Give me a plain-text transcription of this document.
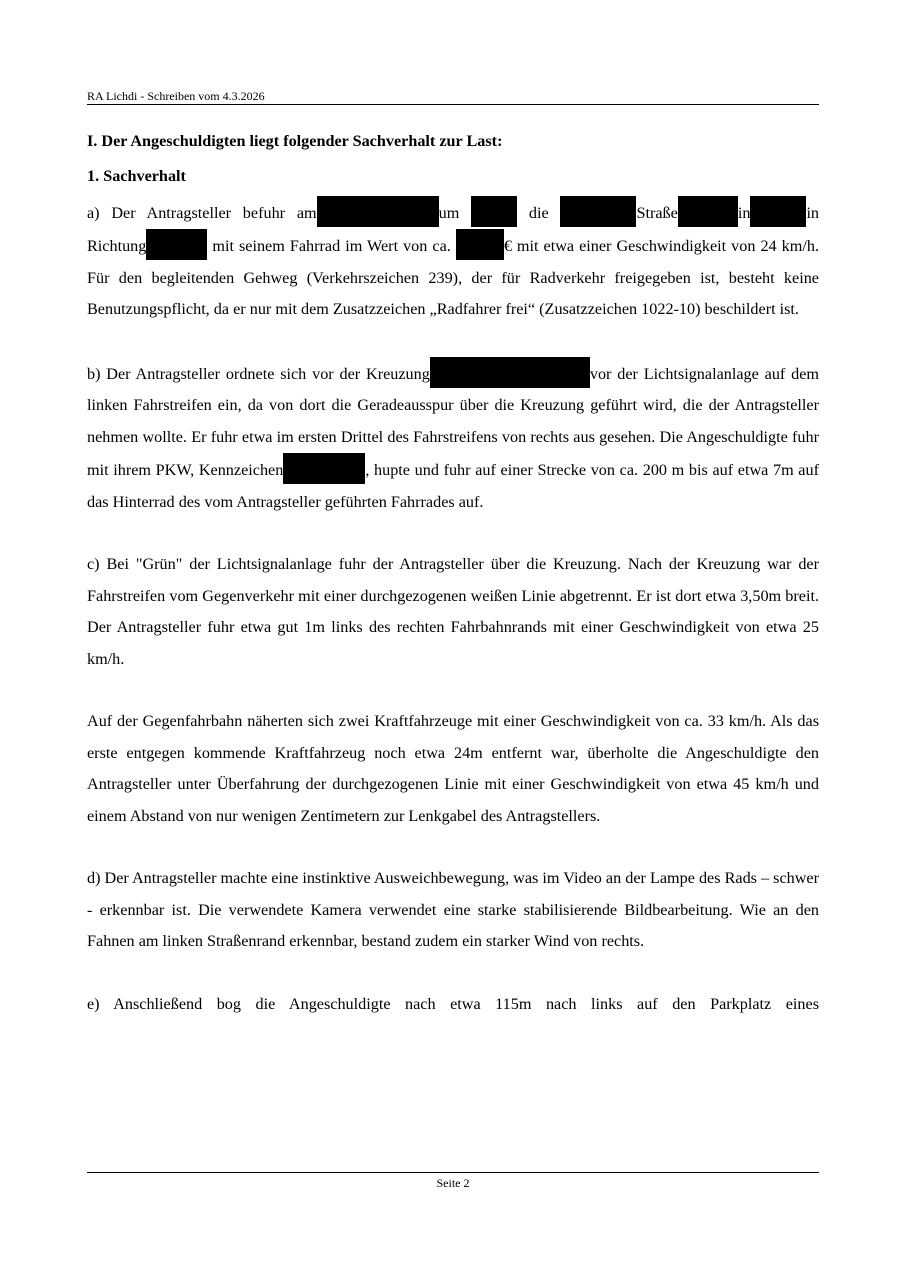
RA Lichdi - Schreiben vom 4.3.2026

I. Der Angeschuldigten liegt folgender Sachverhalt zur Last:

1. Sachverhalt

a) Der Antragsteller befuhr am	um	die	Straße	in	in Richtung	mit seinem Fahrrad im Wert von ca.	€ mit etwa einer Geschwindigkeit von 24 km/h. Für den begleitenden Gehweg (Verkehrszeichen 239), der für Radverkehr freigegeben ist, besteht keine Benutzungspflicht, da er nur mit dem Zusatzzeichen „Radfahrer frei“ (Zusatzzeichen 1022-10) beschildert ist.

b) Der Antragsteller ordnete sich vor der Kreuzung	vor der Lichtsignalanlage auf dem linken Fahrstreifen ein, da von dort die Geradeausspur über die Kreuzung geführt wird, die der Antragsteller nehmen wollte. Er fuhr etwa im ersten Drittel des Fahrstreifens von rechts aus gesehen. Die Angeschuldigte fuhr mit ihrem PKW, Kennzeichen	, hupte und fuhr auf einer Strecke von ca. 200 m bis auf etwa 7m auf das Hinterrad des vom Antragsteller geführten Fahrrades auf.

c) Bei "Grün" der Lichtsignalanlage fuhr der Antragsteller über die Kreuzung. Nach der Kreuzung war der Fahrstreifen vom Gegenverkehr mit einer durchgezogenen weißen Linie abgetrennt. Er ist dort etwa 3,50m breit. Der Antragsteller fuhr etwa gut 1m links des rechten Fahrbahnrands mit einer Geschwindigkeit von etwa 25 km/h.

Auf der Gegenfahrbahn näherten sich zwei Kraftfahrzeuge mit einer Geschwindigkeit von ca. 33 km/h. Als das erste entgegen kommende Kraftfahrzeug noch etwa 24m entfernt war, überholte die Angeschuldigte den Antragsteller unter Überfahrung der durchgezogenen Linie mit einer Geschwindigkeit von etwa 45 km/h und einem Abstand von nur wenigen Zentimetern zur Lenkgabel des Antragstellers.

d) Der Antragsteller machte eine instinktive Ausweichbewegung, was im Video an der Lampe des Rads – schwer - erkennbar ist. Die verwendete Kamera verwendet eine starke stabilisierende Bildbearbeitung. Wie an den Fahnen am linken Straßenrand erkennbar, bestand zudem ein starker Wind von rechts.

e) Anschließend bog die Angeschuldigte nach etwa 115m nach links auf den Parkplatz eines

Seite 2
